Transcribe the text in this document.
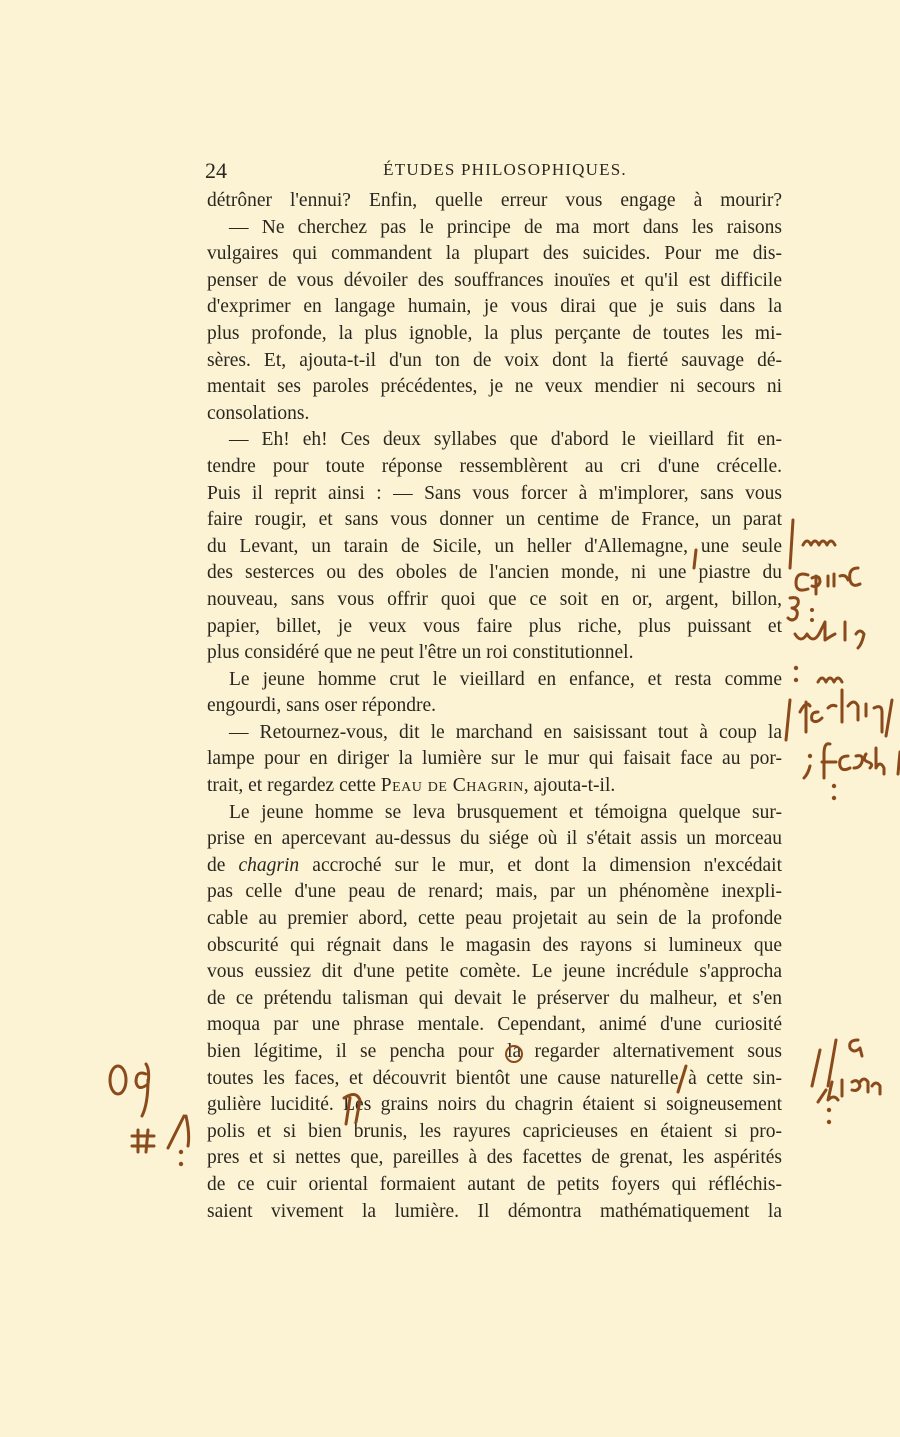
24	ÉTUDES PHILOSOPHIQUES.
détrôner l'ennui? Enfin, quelle erreur vous engage à mourir?
— Ne cherchez pas le principe de ma mort dans les raisons
vulgaires qui commandent la plupart des suicides. Pour me dis-
penser de vous dévoiler des souffrances inouïes et qu'il est difficile
d'exprimer en langage humain, je vous dirai que je suis dans la
plus profonde, la plus ignoble, la plus perçante de toutes les mi-
sères. Et, ajouta-t-il d'un ton de voix dont la fierté sauvage dé-
mentait ses paroles précédentes, je ne veux mendier ni secours ni
consolations.
— Eh! eh! Ces deux syllabes que d'abord le vieillard fit en-
tendre pour toute réponse ressemblèrent au cri d'une crécelle.
Puis il reprit ainsi : — Sans vous forcer à m'implorer, sans vous
faire rougir, et sans vous donner un centime de France, un parat
du Levant, un tarain de Sicile, un heller d'Allemagne, une seule
des sesterces ou des oboles de l'ancien monde, ni une piastre du
nouveau, sans vous offrir quoi que ce soit en or, argent, billon,
papier, billet, je veux vous faire plus riche, plus puissant et
plus considéré que ne peut l'être un roi constitutionnel.
Le jeune homme crut le vieillard en enfance, et resta comme
engourdi, sans oser répondre.
— Retournez-vous, dit le marchand en saisissant tout à coup la
lampe pour en diriger la lumière sur le mur qui faisait face au por-
trait, et regardez cette Peau de Chagrin, ajouta-t-il.
Le jeune homme se leva brusquement et témoigna quelque sur-
prise en apercevant au-dessus du siége où il s'était assis un morceau
de chagrin accroché sur le mur, et dont la dimension n'excédait
pas celle d'une peau de renard; mais, par un phénomène inexpli-
cable au premier abord, cette peau projetait au sein de la profonde
obscurité qui régnait dans le magasin des rayons si lumineux que
vous eussiez dit d'une petite comète. Le jeune incrédule s'approcha
de ce prétendu talisman qui devait le préserver du malheur, et s'en
moqua par une phrase mentale. Cependant, animé d'une curiosité
bien légitime, il se pencha pour la regarder alternativement sous
toutes les faces, et découvrit bientôt une cause naturelle à cette sin-
gulière lucidité. Les grains noirs du chagrin étaient si soigneusement
polis et si bien brunis, les rayures capricieuses en étaient si pro-
pres et si nettes que, pareilles à des facettes de grenat, les aspérités
de ce cuir oriental formaient autant de petits foyers qui réfléchis-
saient vivement la lumière. Il démontra mathématiquement la
